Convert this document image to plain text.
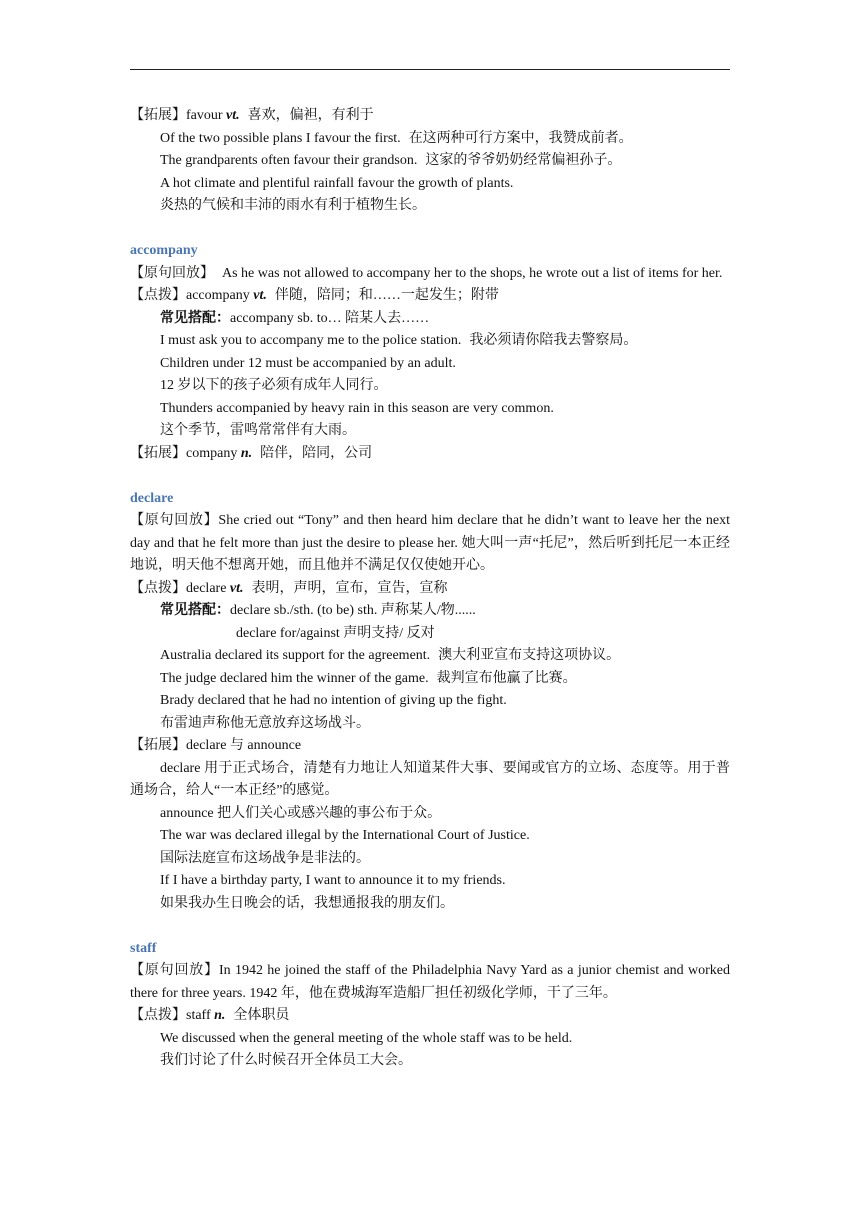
【拓展】favour vt. 喜欢，偏袒，有利于
Of the two possible plans I favour the first. 在这两种可行方案中，我赞成前者。
The grandparents often favour their grandson. 这家的爷爷奶奶经常偏袒孙子。
A hot climate and plentiful rainfall favour the growth of plants.
炎热的气候和丰沛的雨水有利于植物生长。
accompany
【原句回放】 As he was not allowed to accompany her to the shops, he wrote out a list of items for her.
【点拨】accompany vt. 伴随，陪同；和……一起发生；附带
常见搭配：accompany sb. to… 陪某人去……
I must ask you to accompany me to the police station. 我必须请你陪我去警察局。
Children under 12 must be accompanied by an adult.
12 岁以下的孩子必须有成年人同行。
Thunders accompanied by heavy rain in this season are very common.
这个季节，雷鸣常常伴有大雨。
【拓展】company n. 陪伴，陪同，公司
declare
【原句回放】She cried out “Tony” and then heard him declare that he didn’t want to leave her the next day and that he felt more than just the desire to please her. 她大叫一声“托尼”，然后听到托尼一本正经地说，明天他不想离开她，而且他并不满足仅仅使她开心。
【点拨】declare vt. 表明，声明，宣布，宣告，宣称
常见搭配：declare sb./sth. (to be) sth. 声称某人/物......
declare for/against 声明支持/ 反对
Australia declared its support for the agreement. 澳大利亚宣布支持这项协议。
The judge declared him the winner of the game. 裁判宣布他赢了比赛。
Brady declared that he had no intention of giving up the fight.
布雷迪声称他无意放弃这场战斗。
【拓展】declare 与 announce
declare 用于正式场合，清楚有力地让人知道某件大事、要闻或官方的立场、态度等。用于普通场合，给人“一本正经”的感觉。
announce 把人们关心或感兴趣的事公布于众。
The war was declared illegal by the International Court of Justice.
国际法庭宣布这场战争是非法的。
If I have a birthday party, I want to announce it to my friends.
如果我办生日晚会的话，我想通报我的朋友们。
staff
【原句回放】In 1942 he joined the staff of the Philadelphia Navy Yard as a junior chemist and worked there for three years. 1942 年，他在费城海军造船厂担任初级化学师，干了三年。
【点拨】staff n. 全体职员
We discussed when the general meeting of the whole staff was to be held.
我们讨论了什么时候召开全体员工大会。
